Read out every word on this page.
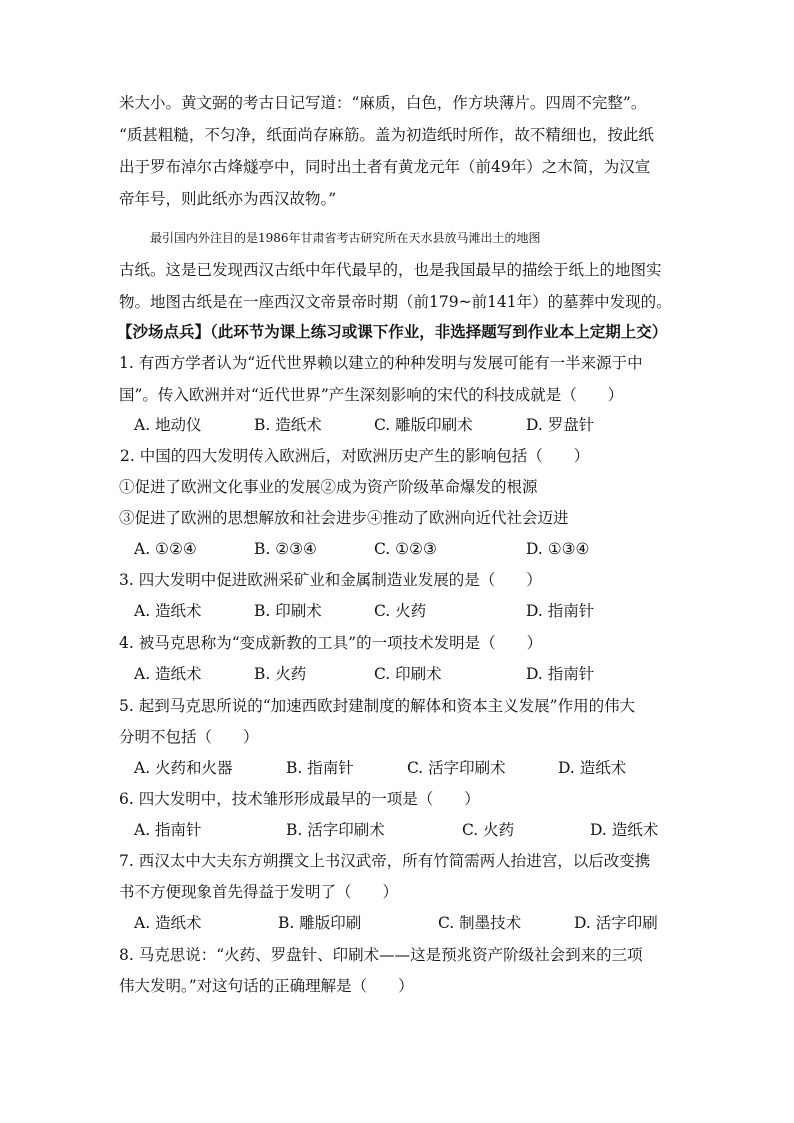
米大小。黄文弼的考古日记写道：“麻质，白色，作方块薄片。四周不完整”。
“质甚粗糙，不匀净，纸面尚存麻筋。盖为初造纸时所作，故不精细也，按此纸
出于罗布淖尔古烽燧亭中，同时出土者有黄龙元年（前49年）之木简，为汉宣
帝年号，则此纸亦为西汉故物。”
最引国内外注目的是1986年甘肃省考古研究所在天水县放马滩出土的地图
古纸。这是已发现西汉古纸中年代最早的，也是我国最早的描绘于纸上的地图实
物。地图古纸是在一座西汉文帝景帝时期（前179~前141年）的墓葬中发现的。
【沙场点兵】（此环节为课上练习或课下作业，非选择题写到作业本上定期上交）
1. 有西方学者认为“近代世界赖以建立的种种发明与发展可能有一半来源于中
国”。传入欧洲并对“近代世界”产生深刻影响的宋代的科技成就是（　　）
A. 地动仪	B. 造纸术	C. 雕版印刷术	D. 罗盘针
2. 中国的四大发明传入欧洲后，对欧洲历史产生的影响包括（　　）
①促进了欧洲文化事业的发展②成为资产阶级革命爆发的根源
③促进了欧洲的思想解放和社会进步④推动了欧洲向近代社会迈进
A. ①②④	B. ②③④	C. ①②③	D. ①③④
3. 四大发明中促进欧洲采矿业和金属制造业发展的是（　　）
A. 造纸术	B. 印刷术	C. 火药	D. 指南针
4. 被马克思称为“变成新教的工具”的一项技术发明是（　　）
A. 造纸术	B. 火药	C. 印刷术	D. 指南针
5. 起到马克思所说的“加速西欧封建制度的解体和资本主义发展”作用的伟大
分明不包括（　　）
A. 火药和火器	B. 指南针	C. 活字印刷术	D. 造纸术
6. 四大发明中，技术雏形形成最早的一项是（　　）
A. 指南针	B. 活字印刷术	C. 火药	D. 造纸术
7. 西汉太中大夫东方朔撰文上书汉武帝，所有竹简需两人抬进宫，以后改变携
书不方便现象首先得益于发明了（　　）
A. 造纸术	B. 雕版印刷	C. 制墨技术	D. 活字印刷
8. 马克思说：“火药、罗盘针、印刷术——这是预兆资产阶级社会到来的三项
伟大发明。”对这句话的正确理解是（　　）
